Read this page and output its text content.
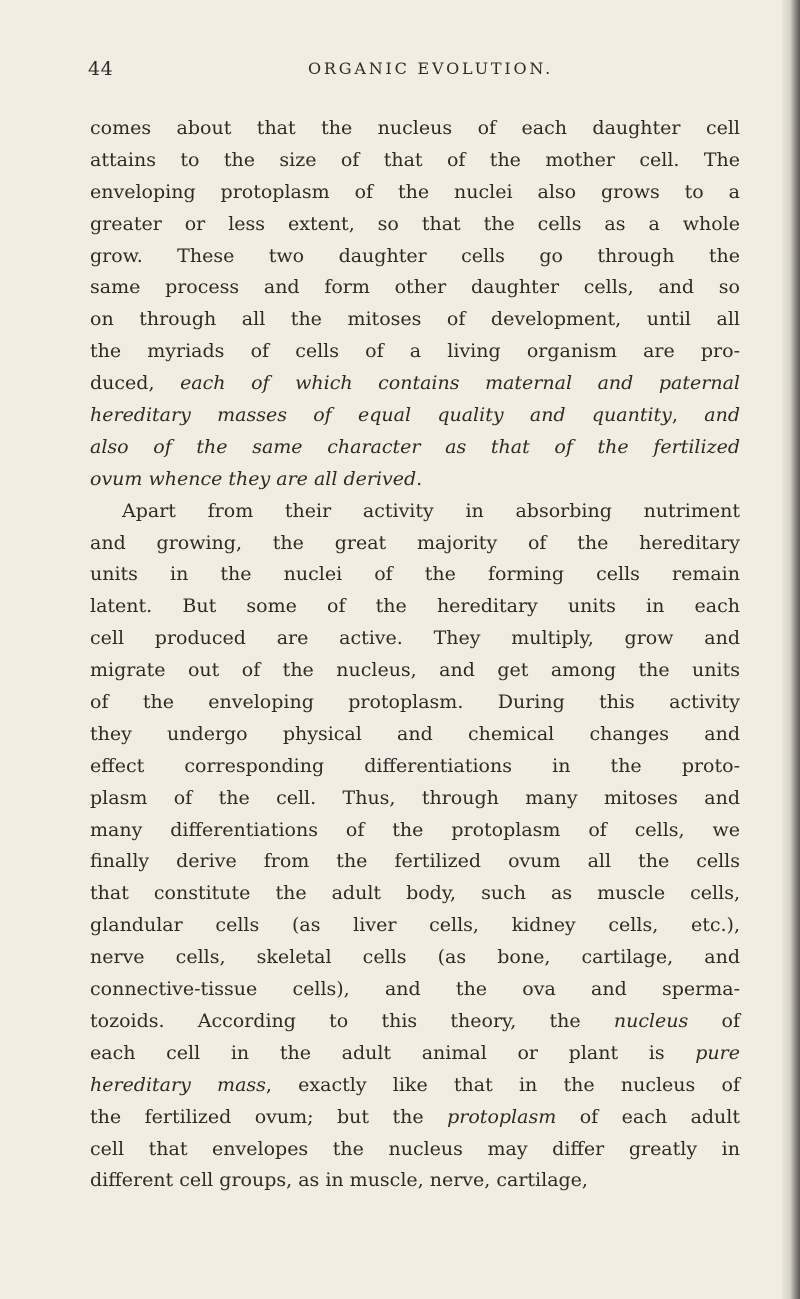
44	ORGANIC EVOLUTION.
comes about that the nucleus of each daughter cell
attains to the size of that of the mother cell. The
enveloping protoplasm of the nuclei also grows to a
greater or less extent, so that the cells as a whole
grow. These two daughter cells go through the
same process and form other daughter cells, and so
on through all the mitoses of development, until all
the myriads of cells of a living organism are pro-
duced, each of which contains maternal and paternal
hereditary masses of equal quality and quantity, and
also of the same character as that of the fertilized
ovum whence they are all derived.
Apart from their activity in absorbing nutriment
and growing, the great majority of the hereditary
units in the nuclei of the forming cells remain
latent. But some of the hereditary units in each
cell produced are active. They multiply, grow and
migrate out of the nucleus, and get among the units
of the enveloping protoplasm. During this activity
they undergo physical and chemical changes and
effect corresponding differentiations in the proto-
plasm of the cell. Thus, through many mitoses and
many differentiations of the protoplasm of cells, we
finally derive from the fertilized ovum all the cells
that constitute the adult body, such as muscle cells,
glandular cells (as liver cells, kidney cells, etc.),
nerve cells, skeletal cells (as bone, cartilage, and
connective-tissue cells), and the ova and sperma-
tozoids. According to this theory, the nucleus of
each cell in the adult animal or plant is pure
hereditary mass, exactly like that in the nucleus of
the fertilized ovum; but the protoplasm of each adult
cell that envelopes the nucleus may differ greatly in
different cell groups, as in muscle, nerve, cartilage,
